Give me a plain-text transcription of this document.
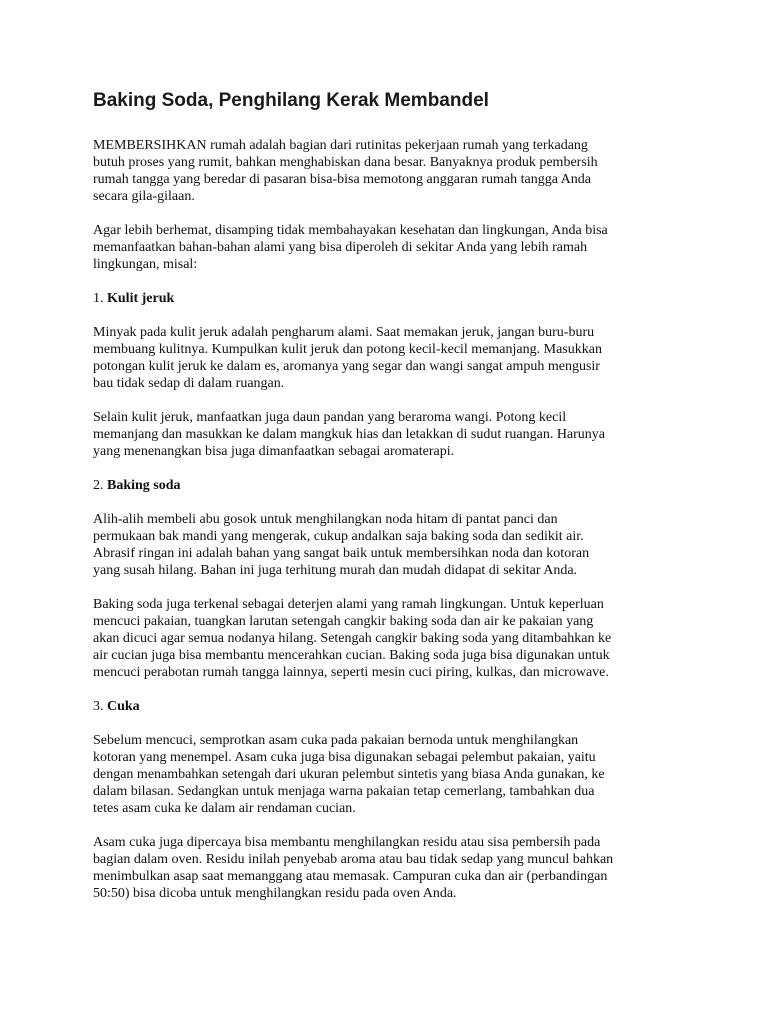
Baking Soda, Penghilang Kerak Membandel
MEMBERSIHKAN rumah adalah bagian dari rutinitas pekerjaan rumah yang terkadang
butuh proses yang rumit, bahkan menghabiskan dana besar. Banyaknya produk pembersih
rumah tangga yang beredar di pasaran bisa-bisa memotong anggaran rumah tangga Anda
secara gila-gilaan.
Agar lebih berhemat, disamping tidak membahayakan kesehatan dan lingkungan, Anda bisa
memanfaatkan bahan-bahan alami yang bisa diperoleh di sekitar Anda yang lebih ramah
lingkungan, misal:
1. Kulit jeruk
Minyak pada kulit jeruk adalah pengharum alami. Saat memakan jeruk, jangan buru-buru
membuang kulitnya. Kumpulkan kulit jeruk dan potong kecil-kecil memanjang. Masukkan
potongan kulit jeruk ke dalam es, aromanya yang segar dan wangi sangat ampuh mengusir
bau tidak sedap di dalam ruangan.
Selain kulit jeruk, manfaatkan juga daun pandan yang beraroma wangi. Potong kecil
memanjang dan masukkan ke dalam mangkuk hias dan letakkan di sudut ruangan. Harunya
yang menenangkan bisa juga dimanfaatkan sebagai aromaterapi.
2. Baking soda
Alih-alih membeli abu gosok untuk menghilangkan noda hitam di pantat panci dan
permukaan bak mandi yang mengerak, cukup andalkan saja baking soda dan sedikit air.
Abrasif ringan ini adalah bahan yang sangat baik untuk membersihkan noda dan kotoran
yang susah hilang. Bahan ini juga terhitung murah dan mudah didapat di sekitar Anda.
Baking soda juga terkenal sebagai deterjen alami yang ramah lingkungan. Untuk keperluan
mencuci pakaian, tuangkan larutan setengah cangkir baking soda dan air ke pakaian yang
akan dicuci agar semua nodanya hilang. Setengah cangkir baking soda yang ditambahkan ke
air cucian juga bisa membantu mencerahkan cucian. Baking soda juga bisa digunakan untuk
mencuci perabotan rumah tangga lainnya, seperti mesin cuci piring, kulkas, dan microwave.
3. Cuka
Sebelum mencuci, semprotkan asam cuka pada pakaian bernoda untuk menghilangkan
kotoran yang menempel. Asam cuka juga bisa digunakan sebagai pelembut pakaian, yaitu
dengan menambahkan setengah dari ukuran pelembut sintetis yang biasa Anda gunakan, ke
dalam bilasan. Sedangkan untuk menjaga warna pakaian tetap cemerlang, tambahkan dua
tetes asam cuka ke dalam air rendaman cucian.
Asam cuka juga dipercaya bisa membantu menghilangkan residu atau sisa pembersih pada
bagian dalam oven. Residu inilah penyebab aroma atau bau tidak sedap yang muncul bahkan
menimbulkan asap saat memanggang atau memasak. Campuran cuka dan air (perbandingan
50:50) bisa dicoba untuk menghilangkan residu pada oven Anda.
